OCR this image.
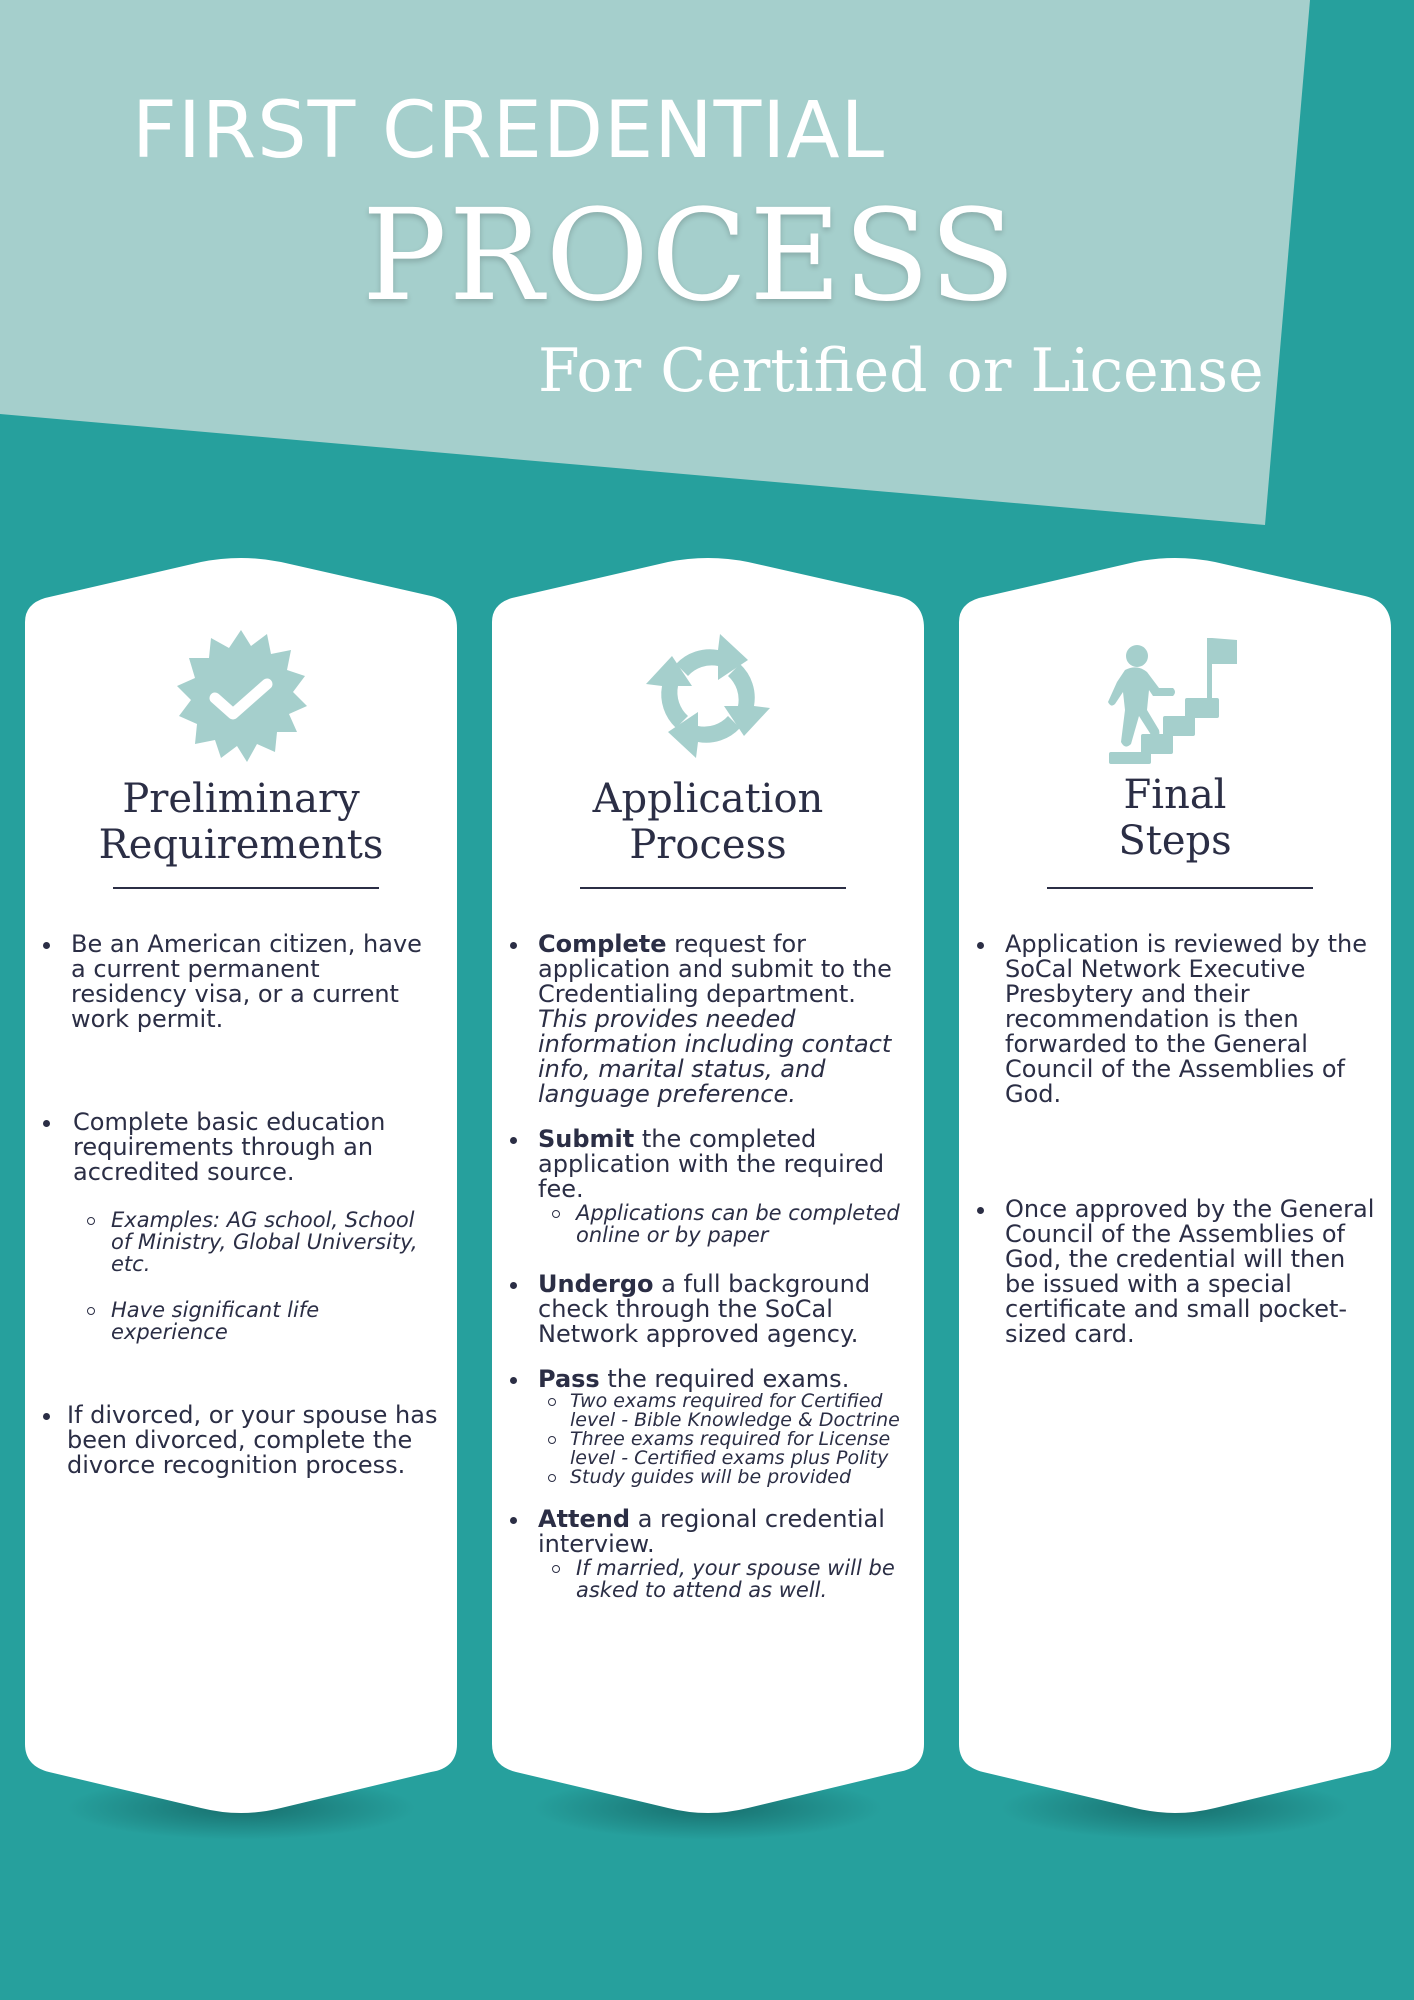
FIRST CREDENTIAL
PROCESS
For Certified or License
Preliminary
Requirements
Be an American citizen, have a current permanent residency visa, or a current work permit.
Complete basic education requirements through an accredited source.
Examples: AG school, School of Ministry, Global University, etc.
Have significant life experience
If divorced, or your spouse has been divorced, complete the divorce recognition process.
Application
Process
Complete request for application and submit to the Credentialing department. This provides needed information including contact info, marital status, and language preference.
Submit the completed application with the required fee.
Applications can be completed online or by paper
Undergo a full background check through the SoCal Network approved agency.
Pass the required exams.
Two exams required for Certified level - Bible Knowledge & Doctrine
Three exams required for License level - Certified exams plus Polity
Study guides will be provided
Attend a regional credential interview.
If married, your spouse will be asked to attend as well.
Final
Steps
Application is reviewed by the SoCal Network Executive Presbytery and their recommendation is then forwarded to the General Council of the Assemblies of God.
Once approved by the General Council of the Assemblies of God, the credential will then be issued with a special certificate and small pocket-sized card.
